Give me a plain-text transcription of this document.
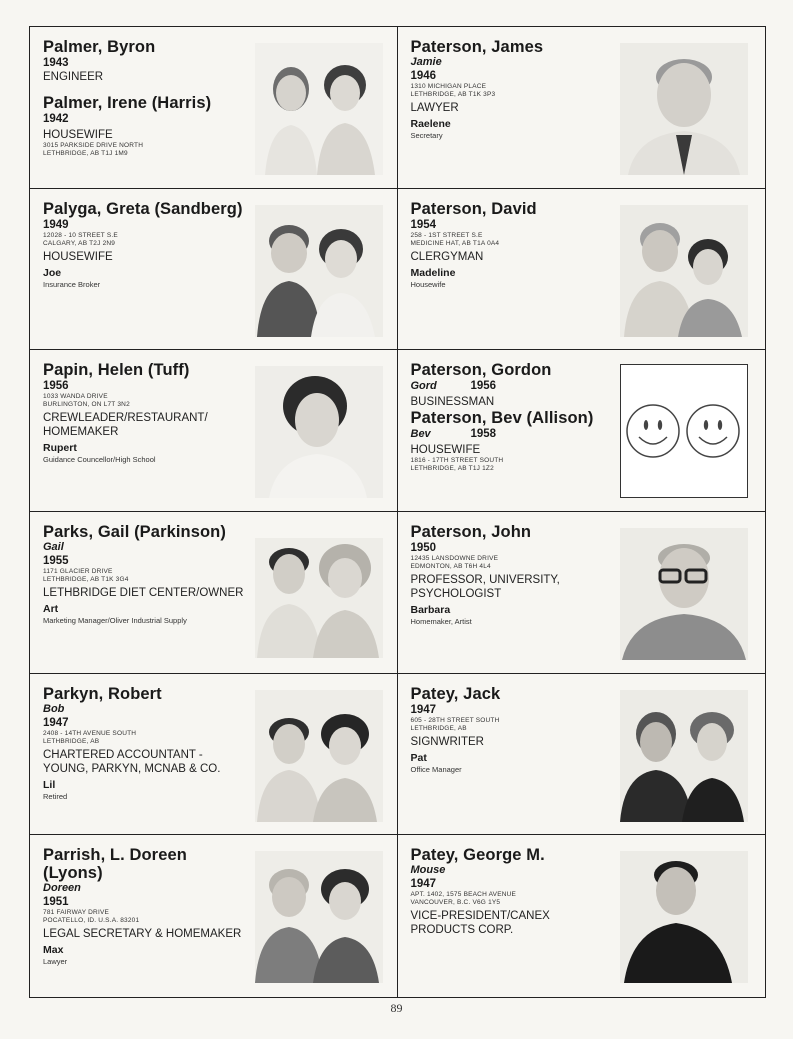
Palmer, Byron
1943
ENGINEER
Palmer, Irene (Harris)
1942
HOUSEWIFE
3015 PARKSIDE DRIVE NORTH
LETHBRIDGE, AB T1J 1M9
Paterson, James
Jamie
1946
1310 MICHIGAN PLACE
LETHBRIDGE, AB T1K 3P3
LAWYER
Raelene
Secretary
Palyga, Greta (Sandberg)
1949
12028 - 10 STREET S.E
CALGARY, AB T2J 2N9
HOUSEWIFE
Joe
Insurance Broker
Paterson, David
1954
258 - 1ST STREET S.E
MEDICINE HAT, AB T1A 0A4
CLERGYMAN
Madeline
Housewife
Papin, Helen (Tuff)
1956
1033 WANDA DRIVE
BURLINGTON, ON L7T 3N2
CREWLEADER/RESTAURANT/ HOMEMAKER
Rupert
Guidance Councellor/High School
Paterson, Gordon
Gord	1956
BUSINESSMAN
Paterson, Bev (Allison)
Bev	1958
HOUSEWIFE
1816 - 17TH STREET SOUTH
LETHBRIDGE, AB T1J 1Z2
Parks, Gail (Parkinson)
Gail
1955
1171 GLACIER DRIVE
LETHBRIDGE, AB T1K 3G4
LETHBRIDGE DIET CENTER/OWNER
Art
Marketing Manager/Oliver Industrial Supply
Paterson, John
1950
12435 LANSDOWNE DRIVE
EDMONTON, AB T6H 4L4
PROFESSOR, UNIVERSITY, PSYCHOLOGIST
Barbara
Homemaker, Artist
Parkyn, Robert
Bob
1947
2408 - 14TH AVENUE SOUTH
LETHBRIDGE, AB
CHARTERED ACCOUNTANT - YOUNG, PARKYN, MCNAB & CO.
Lil
Retired
Patey, Jack
1947
605 - 28TH STREET SOUTH
LETHBRIDGE, AB
SIGNWRITER
Pat
Office Manager
Parrish, L. Doreen (Lyons)
Doreen
1951
781 FAIRWAY DRIVE
POCATELLO, ID. U.S.A. 83201
LEGAL SECRETARY & HOMEMAKER
Max
Lawyer
Patey, George M.
Mouse
1947
APT. 1402, 1575 BEACH AVENUE
VANCOUVER, B.C. V6G 1Y5
VICE-PRESIDENT/CANEX PRODUCTS CORP.
89
